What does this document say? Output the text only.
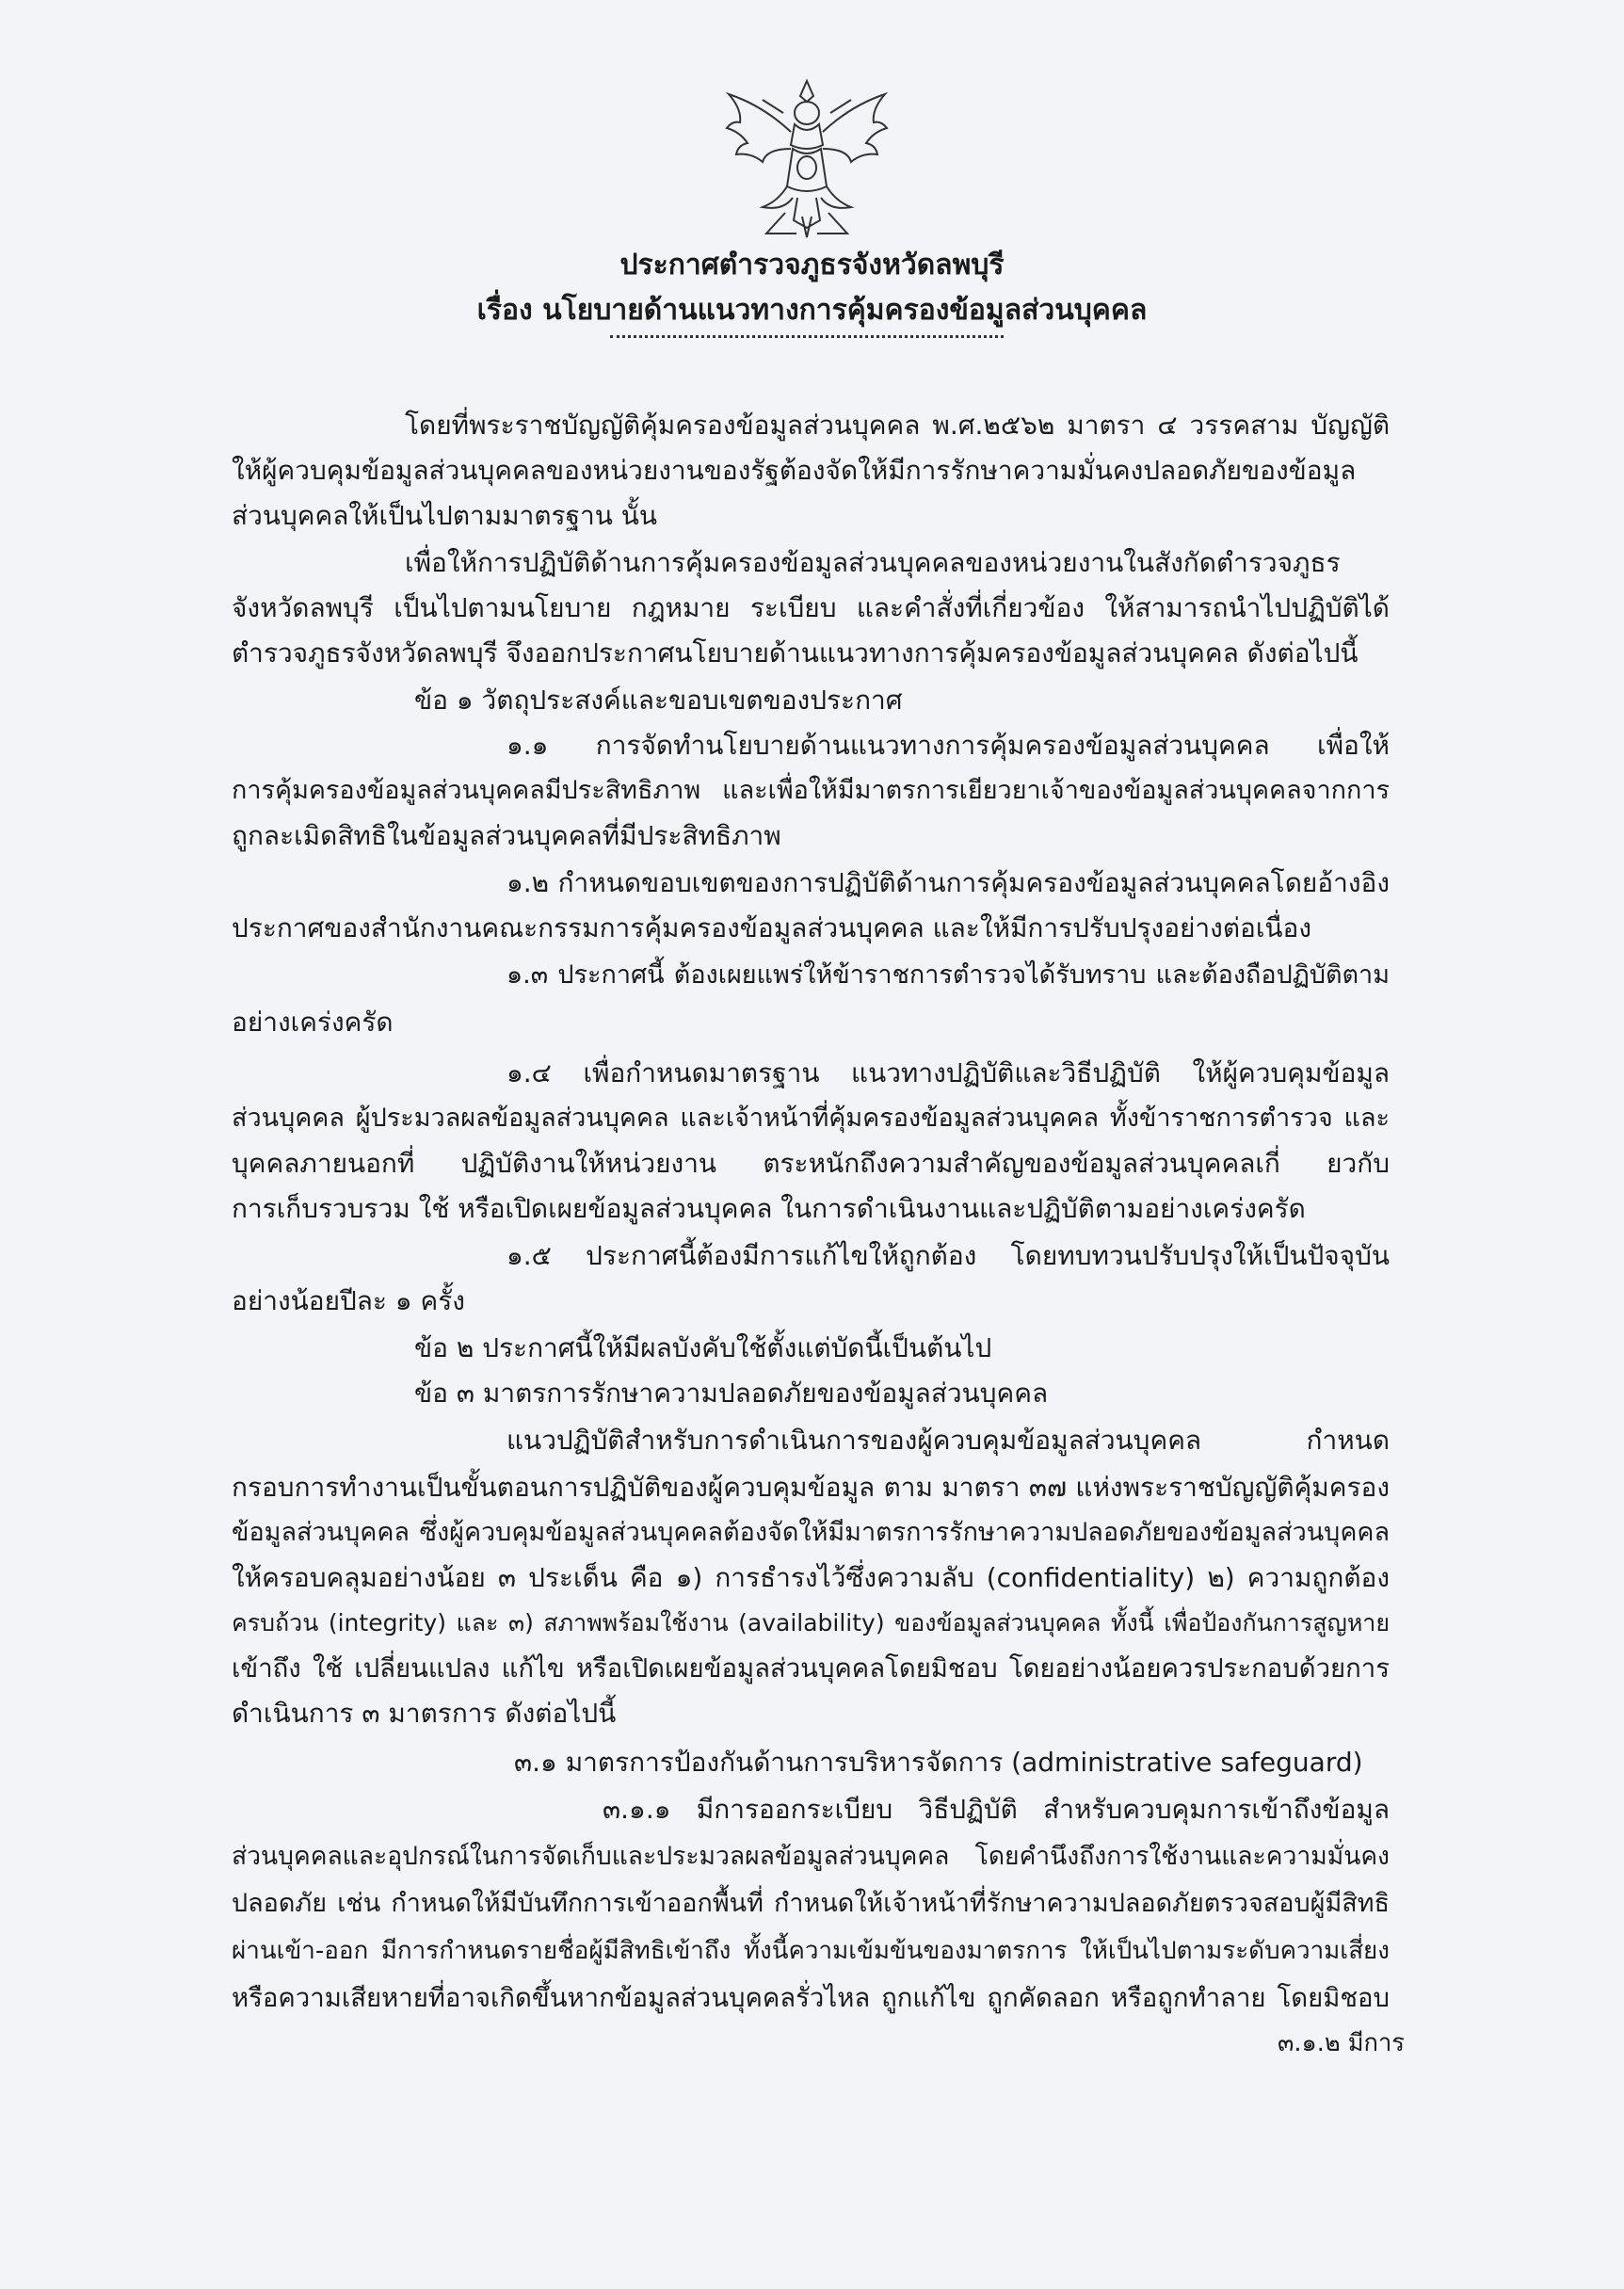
ประกาศตำรวจภูธรจังหวัดลพบุรี
เรื่อง นโยบายด้านแนวทางการคุ้มครองข้อมูลส่วนบุคคล
โดยที่พระราชบัญญัติคุ้มครองข้อมูลส่วนบุคคล พ.ศ.๒๕๖๒ มาตรา ๔ วรรคสาม บัญญัติ
ให้ผู้ควบคุมข้อมูลส่วนบุคคลของหน่วยงานของรัฐต้องจัดให้มีการรักษาความมั่นคงปลอดภัยของข้อมูล
ส่วนบุคคลให้เป็นไปตามมาตรฐาน นั้น
เพื่อให้การปฏิบัติด้านการคุ้มครองข้อมูลส่วนบุคคลของหน่วยงานในสังกัดตำรวจภูธร
จังหวัดลพบุรี เป็นไปตามนโยบาย กฎหมาย ระเบียบ และคำสั่งที่เกี่ยวข้อง ให้สามารถนำไปปฏิบัติได้
ตำรวจภูธรจังหวัดลพบุรี จึงออกประกาศนโยบายด้านแนวทางการคุ้มครองข้อมูลส่วนบุคคล ดังต่อไปนี้
ข้อ ๑ วัตถุประสงค์และขอบเขตของประกาศ
๑.๑ การจัดทำนโยบายด้านแนวทางการคุ้มครองข้อมูลส่วนบุคคล เพื่อให้
การคุ้มครองข้อมูลส่วนบุคคลมีประสิทธิภาพ และเพื่อให้มีมาตรการเยียวยาเจ้าของข้อมูลส่วนบุคคลจากการ
ถูกละเมิดสิทธิในข้อมูลส่วนบุคคลที่มีประสิทธิภาพ
๑.๒ กำหนดขอบเขตของการปฏิบัติด้านการคุ้มครองข้อมูลส่วนบุคคลโดยอ้างอิง
ประกาศของสำนักงานคณะกรรมการคุ้มครองข้อมูลส่วนบุคคล และให้มีการปรับปรุงอย่างต่อเนื่อง
๑.๓ ประกาศนี้ ต้องเผยแพร่ให้ข้าราชการตำรวจได้รับทราบ และต้องถือปฏิบัติตาม
อย่างเคร่งครัด
๑.๔ เพื่อกำหนดมาตรฐาน แนวทางปฏิบัติและวิธีปฏิบัติ ให้ผู้ควบคุมข้อมูล
ส่วนบุคคล ผู้ประมวลผลข้อมูลส่วนบุคคล และเจ้าหน้าที่คุ้มครองข้อมูลส่วนบุคคล ทั้งข้าราชการตำรวจ และ
บุคคลภายนอกที่ ปฏิบัติงานให้หน่วยงาน ตระหนักถึงความสำคัญของข้อมูลส่วนบุคคลเกี่ ยวกับ
การเก็บรวบรวม ใช้ หรือเปิดเผยข้อมูลส่วนบุคคล ในการดำเนินงานและปฏิบัติตามอย่างเคร่งครัด
๑.๕ ประกาศนี้ต้องมีการแก้ไขให้ถูกต้อง โดยทบทวนปรับปรุงให้เป็นปัจจุบัน
อย่างน้อยปีละ ๑ ครั้ง
ข้อ ๒ ประกาศนี้ให้มีผลบังคับใช้ตั้งแต่บัดนี้เป็นต้นไป
ข้อ ๓ มาตรการรักษาความปลอดภัยของข้อมูลส่วนบุคคล
แนวปฏิบัติสำหรับการดำเนินการของผู้ควบคุมข้อมูลส่วนบุคคล กำหนด
กรอบการทำงานเป็นขั้นตอนการปฏิบัติของผู้ควบคุมข้อมูล ตาม มาตรา ๓๗ แห่งพระราชบัญญัติคุ้มครอง
ข้อมูลส่วนบุคคล ซึ่งผู้ควบคุมข้อมูลส่วนบุคคลต้องจัดให้มีมาตรการรักษาความปลอดภัยของข้อมูลส่วนบุคคล
ให้ครอบคลุมอย่างน้อย ๓ ประเด็น คือ ๑) การธำรงไว้ซึ่งความลับ (confidentiality) ๒) ความถูกต้อง
ครบถ้วน (integrity) และ ๓) สภาพพร้อมใช้งาน (availability) ของข้อมูลส่วนบุคคล ทั้งนี้ เพื่อป้องกันการสูญหาย
เข้าถึง ใช้ เปลี่ยนแปลง แก้ไข หรือเปิดเผยข้อมูลส่วนบุคคลโดยมิชอบ โดยอย่างน้อยควรประกอบด้วยการ
ดำเนินการ ๓ มาตรการ ดังต่อไปนี้
๓.๑ มาตรการป้องกันด้านการบริหารจัดการ (administrative safeguard)
๓.๑.๑ มีการออกระเบียบ วิธีปฏิบัติ สำหรับควบคุมการเข้าถึงข้อมูล
ส่วนบุคคลและอุปกรณ์ในการจัดเก็บและประมวลผลข้อมูลส่วนบุคคล โดยคำนึงถึงการใช้งานและความมั่นคง
ปลอดภัย เช่น กำหนดให้มีบันทึกการเข้าออกพื้นที่ กำหนดให้เจ้าหน้าที่รักษาความปลอดภัยตรวจสอบผู้มีสิทธิ
ผ่านเข้า-ออก มีการกำหนดรายชื่อผู้มีสิทธิเข้าถึง ทั้งนี้ความเข้มข้นของมาตรการ ให้เป็นไปตามระดับความเสี่ยง
หรือความเสียหายที่อาจเกิดขึ้นหากข้อมูลส่วนบุคคลรั่วไหล ถูกแก้ไข ถูกคัดลอก หรือถูกทำลาย โดยมิชอบ
๓.๑.๒ มีการ
